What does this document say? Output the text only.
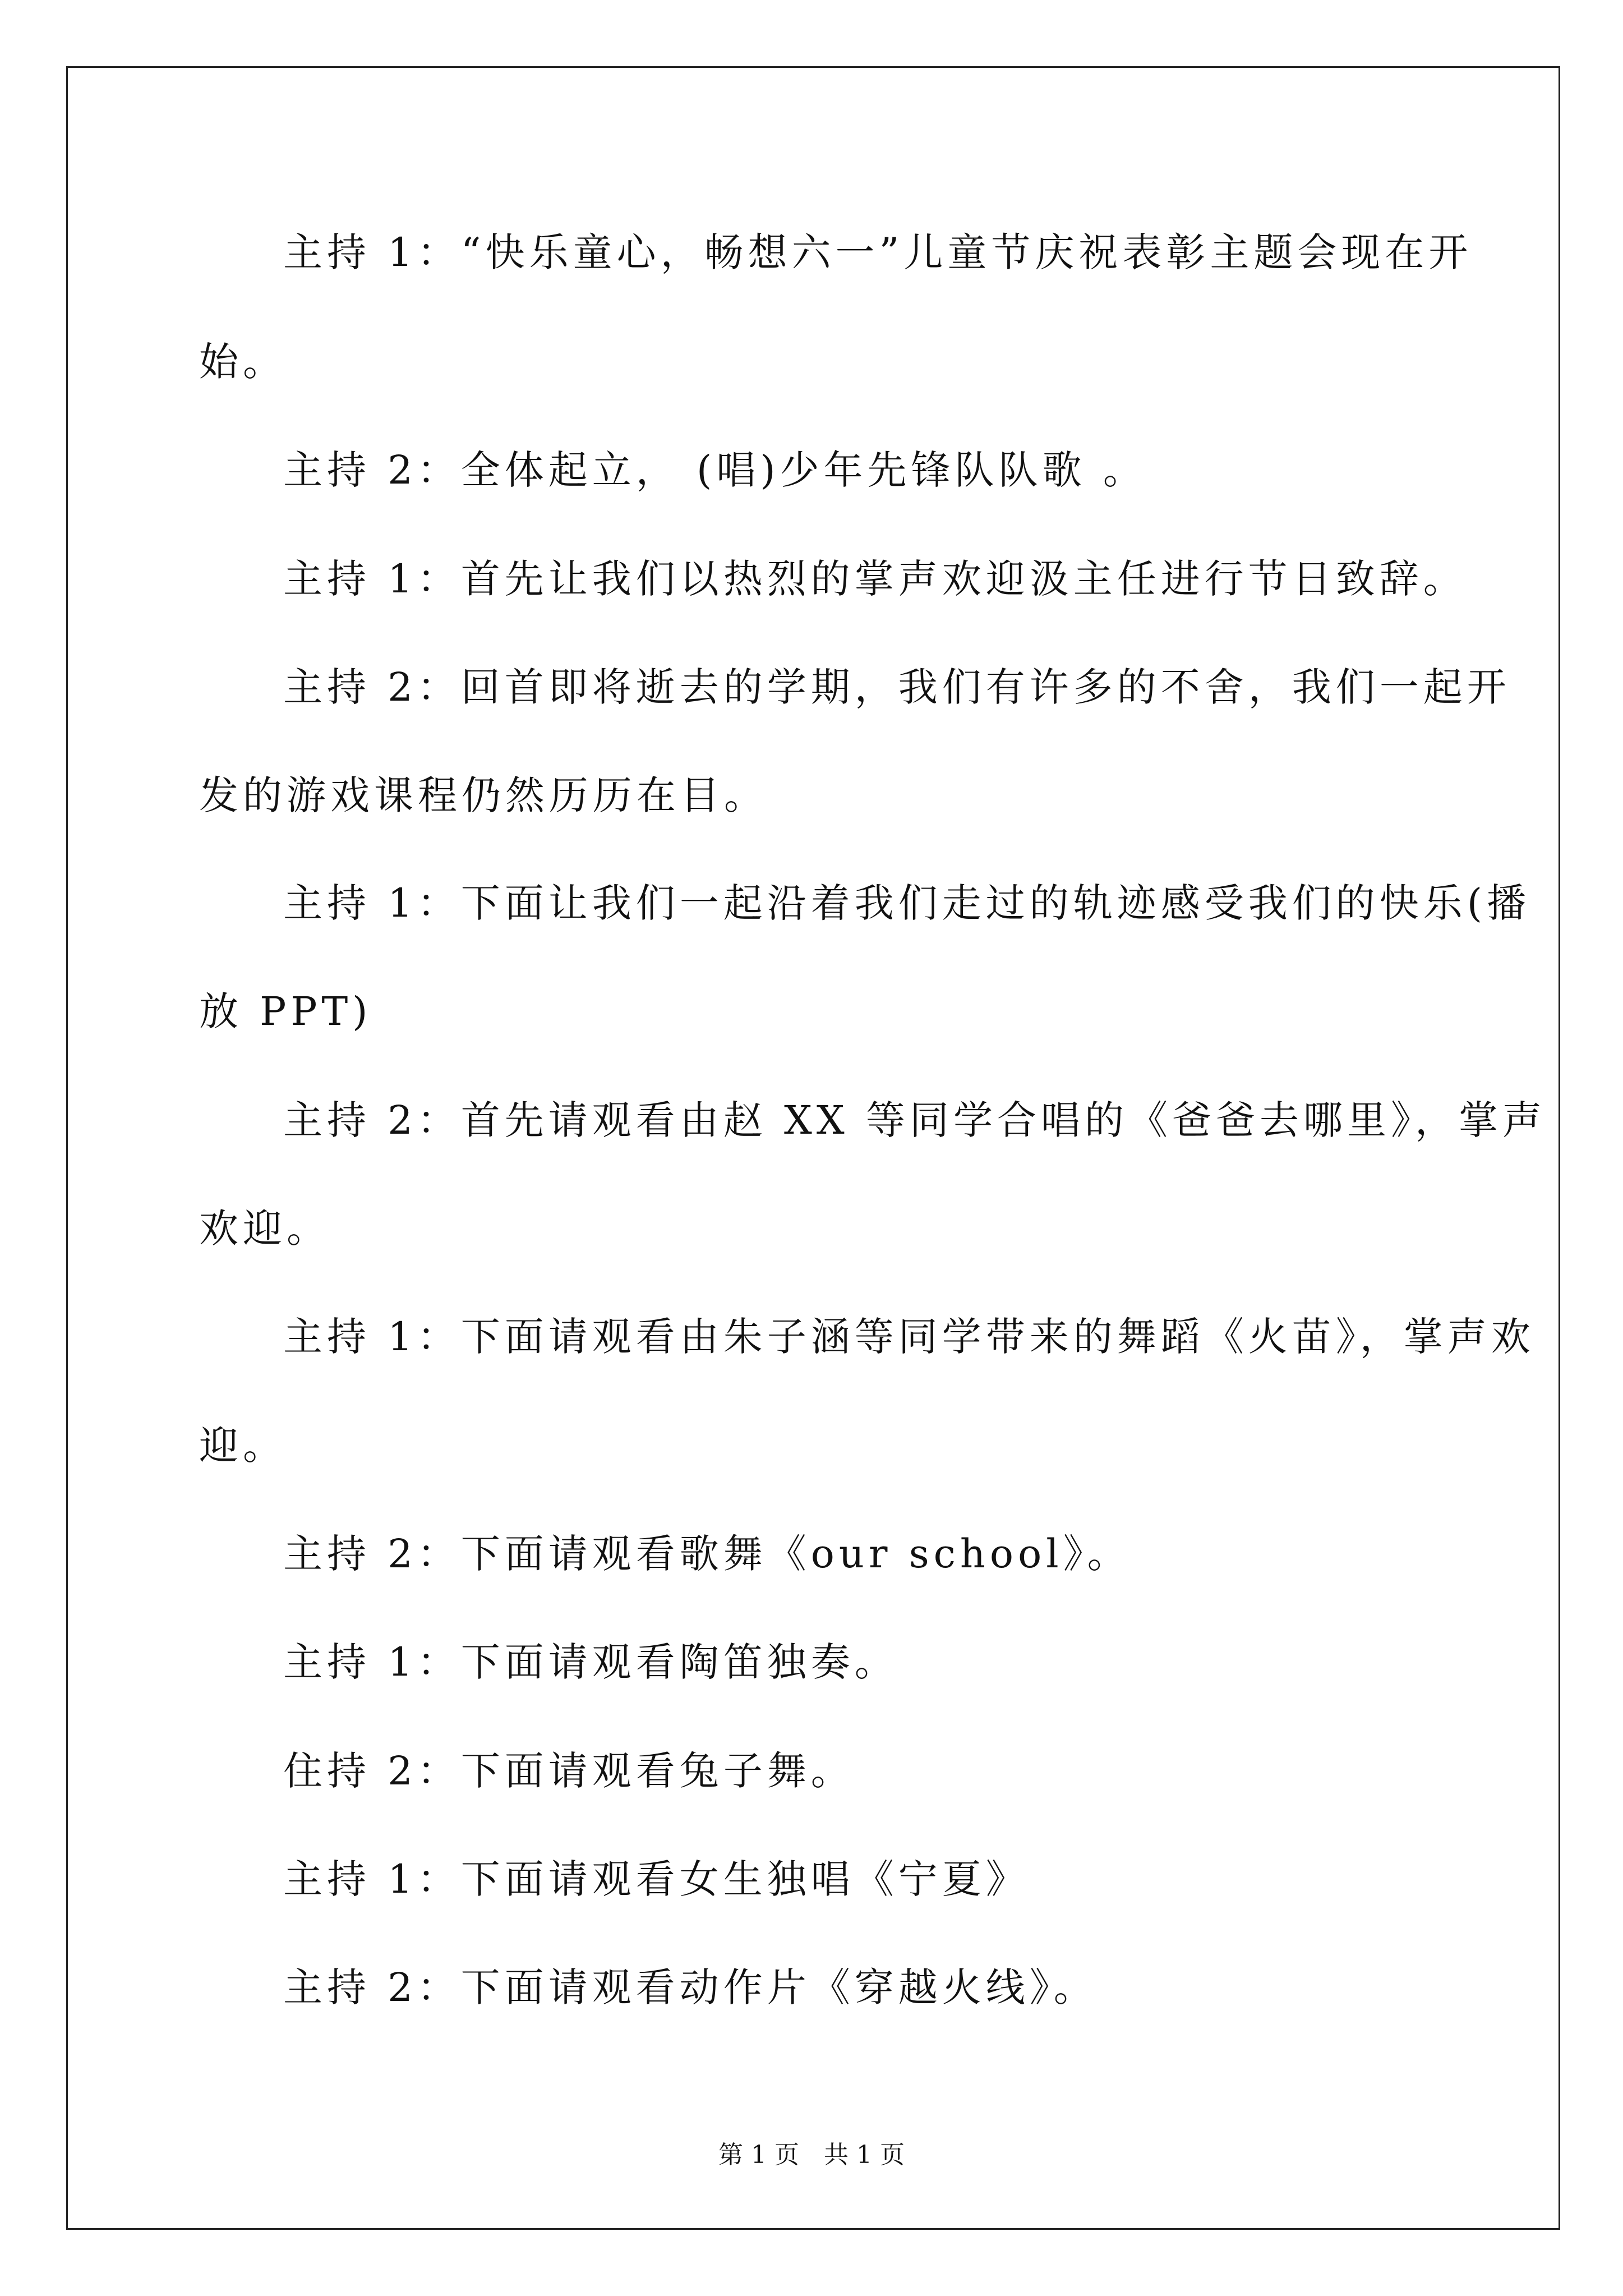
主持 1：“快乐童心，畅想六一”儿童节庆祝表彰主题会现在开
始。
主持 2：全体起立， (唱)少年先锋队队歌 。
主持 1：首先让我们以热烈的掌声欢迎汲主任进行节日致辞。
主持 2：回首即将逝去的学期，我们有许多的不舍，我们一起开
发的游戏课程仍然历历在目。
主持 1：下面让我们一起沿着我们走过的轨迹感受我们的快乐(播
放 PPT)
主持 2：首先请观看由赵 XX 等同学合唱的《爸爸去哪里》，掌声
欢迎。
主持 1：下面请观看由朱子涵等同学带来的舞蹈《火苗》，掌声欢
迎。
主持 2：下面请观看歌舞《our school》。
主持 1：下面请观看陶笛独奏。
住持 2：下面请观看兔子舞。
主持 1：下面请观看女生独唱《宁夏》
主持 2：下面请观看动作片《穿越火线》。
第 1 页　共 1 页
